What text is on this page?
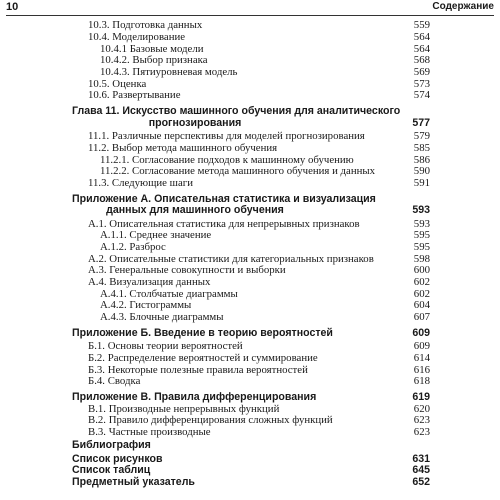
10	Содержание
10.3. Подготовка данных	559
10.4. Моделирование	564
10.4.1 Базовые модели	564
10.4.2. Выбор признака	568
10.4.3. Пятиуровневая модель	569
10.5. Оценка	573
10.6. Развертывание	574
Глава 11. Искусство машинного обучения для аналитического
прогнозирования	577
11.1. Различные перспективы для моделей прогнозирования	579
11.2. Выбор метода машинного обучения	585
11.2.1. Согласование подходов к машинному обучению	586
11.2.2. Согласование метода машинного обучения и данных	590
11.3. Следующие шаги	591
Приложение А. Описательная статистика и визуализация
данных для машинного обучения	593
А.1. Описательная статистика для непрерывных признаков	593
А.1.1. Среднее значение	595
А.1.2. Разброс	595
А.2. Описательные статистики для категориальных признаков	598
А.3. Генеральные совокупности и выборки	600
А.4. Визуализация данных	602
А.4.1. Столбчатые диаграммы	602
А.4.2. Гистограммы	604
А.4.3. Блочные диаграммы	607
Приложение Б. Введение в теорию вероятностей	609
Б.1. Основы теории вероятностей	609
Б.2. Распределение вероятностей и суммирование	614
Б.3. Некоторые полезные правила вероятностей	616
Б.4. Сводка	618
Приложение В. Правила дифференцирования	619
В.1. Производные непрерывных функций	620
В.2. Правило дифференцирования сложных функций	623
В.3. Частные производные	623
Библиография
Список рисунков	631
Список таблиц	645
Предметный указатель	652
